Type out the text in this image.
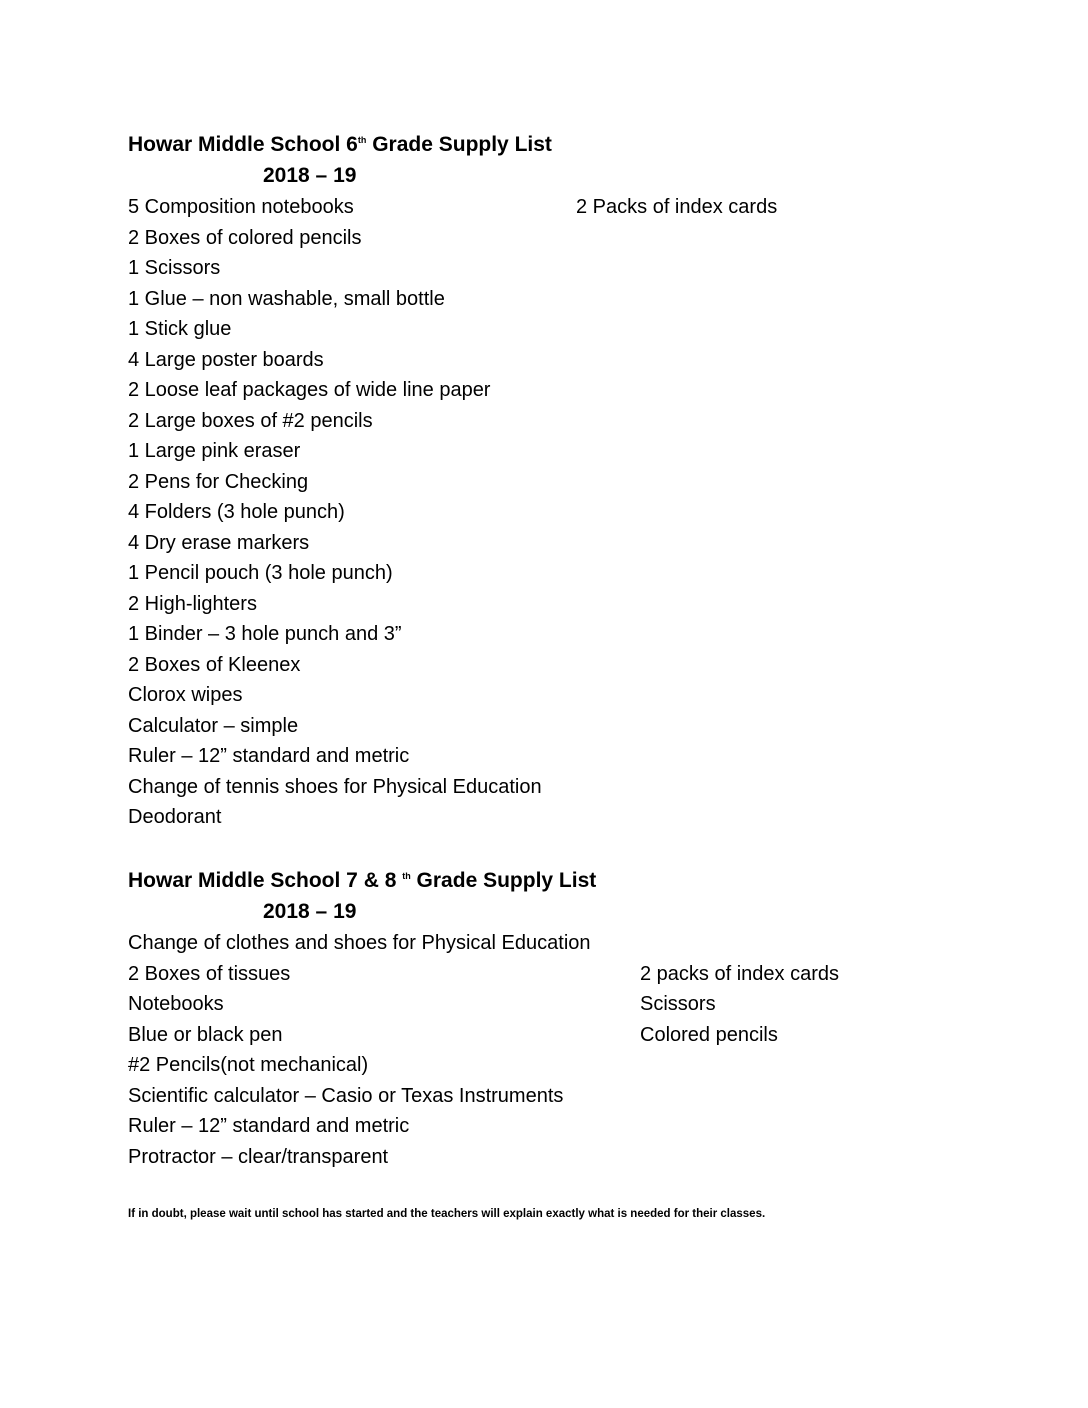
Howar Middle School 6th Grade Supply List
2018 – 19
5 Composition notebooks	2 Packs of index cards
2 Boxes of colored pencils
1 Scissors
1 Glue – non washable, small bottle
1 Stick glue
4 Large poster boards
2 Loose leaf packages of wide line paper
2 Large boxes of #2 pencils
1 Large pink eraser
2 Pens for Checking
4 Folders (3 hole punch)
4 Dry erase markers
1 Pencil pouch (3 hole punch)
2 High-lighters
1 Binder – 3 hole punch and 3”
2 Boxes of Kleenex
Clorox wipes
Calculator – simple
Ruler – 12” standard and metric
Change of tennis shoes for Physical Education
Deodorant
Howar Middle School 7 & 8 $^{th}$ Grade Supply List
2018 – 19
Change of clothes and shoes for Physical Education
2 Boxes of tissues	2 packs of index cards
Notebooks	Scissors
Blue or black pen	Colored pencils
#2 Pencils(not mechanical)
Scientific calculator – Casio or Texas Instruments
Ruler – 12” standard and metric
Protractor – clear/transparent
If in doubt, please wait until school has started and the teachers will explain exactly what is needed for their classes.
